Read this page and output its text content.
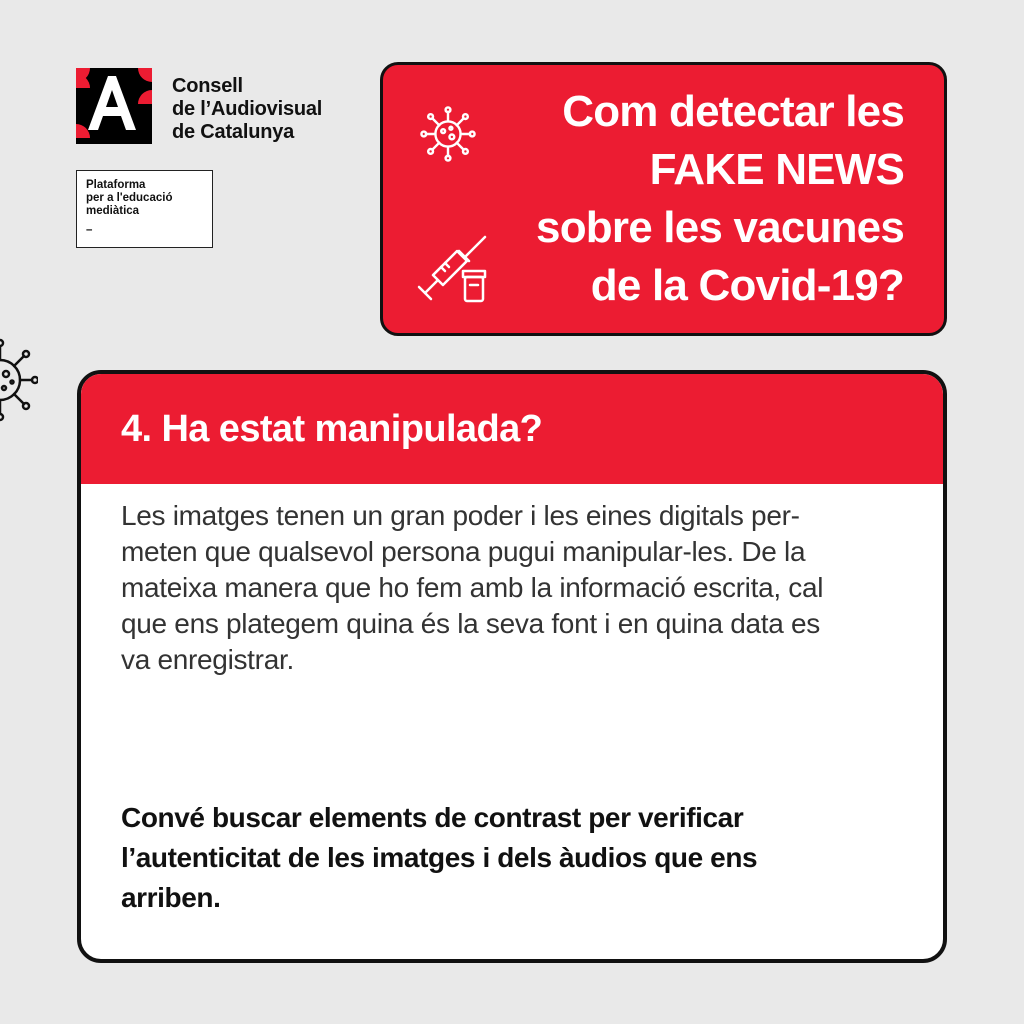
Consell
de l’Audiovisual
de Catalunya
Plataforma
per a l'educació
mediàtica
–
Com detectar les
FAKE NEWS
sobre les vacunes
de la Covid-19?
4. Ha estat manipulada?
Les imatges tenen un gran poder i les eines digitals per-
meten que qualsevol persona pugui manipular-les. De la
mateixa manera que ho fem amb la informació escrita, cal
que ens plategem quina és la seva font i en quina data es
va enregistrar.
Convé buscar elements de contrast per verificar
l’autenticitat de les imatges i dels àudios que ens
arriben.
